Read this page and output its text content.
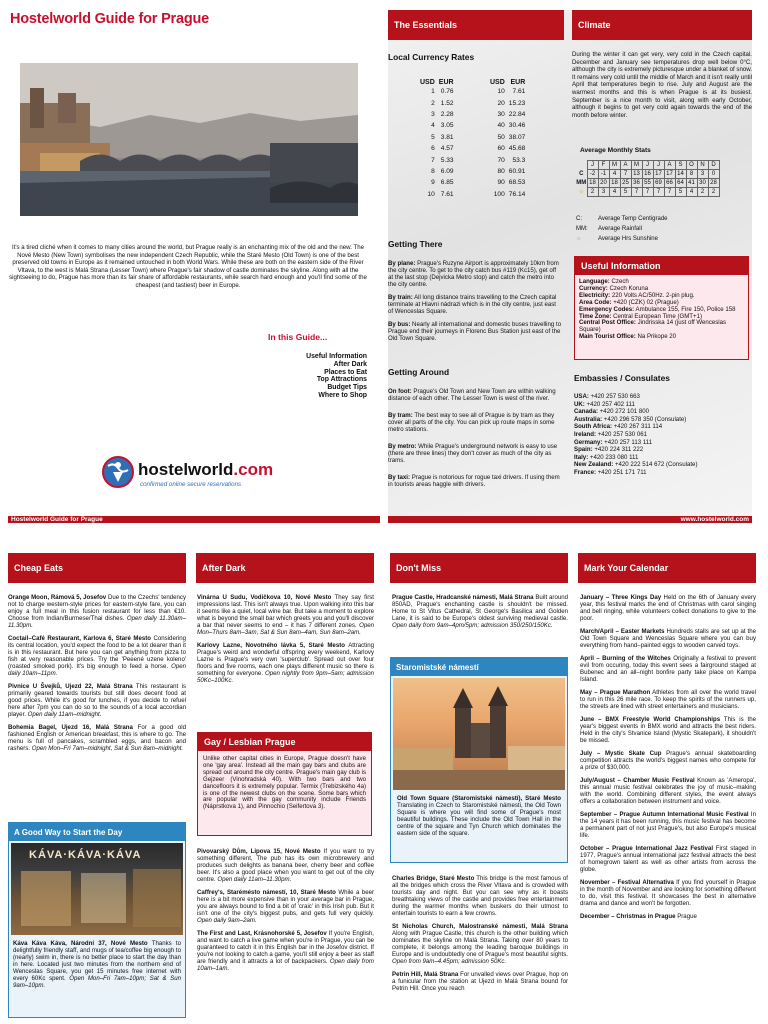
Hostelworld Guide for Prague
It's a tired cliché when it comes to many cities around the world, but Prague really is an enchanting mix of the old and the new. The Nové Mesto (New Town) symbolises the new independent Czech Republic, while the Staré Mesto (Old Town) is one of the best preserved old towns in Europe as it remained untouched in both World Wars. While these are both on the eastern side of the River Vltava, to the west is Malá Strana (Lesser Town) where Prague's fair shadow of castle dominates the skyline. Along with all the sightseeing to do, Prague has more than its fair share of affordable restaurants, while search hard enough and you'll find some of the cheapest (and tastiest) beer in Europe.
In this Guide...
Useful Information
After Dark
Places to Eat
Top Attractions
Budget Tips
Where to Shop
hostelworld.com
confirmed online secure reservations
Hostelworld Guide for Prague
The Essentials	Climate
Local Currency Rates
USD	EUR
1	0.76
2	1.52
3	2.28
4	3.05
5	3.81
6	4.57
7	5.33
8	6.09
9	6.85
10	7.61
USD	EUR
10	7.61
20	15.23
30	22.84
40	30.46
50	38.07
60	45.68
70	53.3
80	60.91
90	68.53
100	76.14
Getting There
By plane: Prague's Ruzyne Airport is approximately 10km from the city centre. To get to the city catch bus #119 (Kc15), get off at the last stop (Dejvicka Metro stop) and catch the metro into the city centre.
By train: All long distance trains travelling to the Czech capital terminate at Hlavni nádrazi which is in the city centre, just east of Wenceslas Square.
By bus: Nearly all international and domestic buses travelling to Prague end their journeys in Florenc Bus Station just east of the Old Town Square.
Getting Around
On foot: Prague's Old Town and New Town are within walking distance of each other. The Lesser Town is west of the river.
By tram: The best way to see all of Prague is by tram as they cover all parts of the city. You can pick up route maps in some metro stations.
By metro: While Prague's underground network is easy to use (there are three lines) they don't cover as much of the city as trams.
By taxi: Prague is notorious for rogue taxi drivers. If using them in tourists areas haggle with drivers.
During the winter it can get very, very cold in the Czech capital. December and January see temperatures drop well below 0°C, although the city is extremely picturesque under a blanket of snow. It remains very cold until the middle of March and it isn't really until April that temperatures begin to rise. July and August are the warmest months and this is when Prague is at its busiest. September is a nice month to visit, along with early October, although it begins to get very cold again towards the end of the month before winter.
Average Monthly Stats
	J	F	M	A	M	J	J	A	S	O	N	D
C	-2	-1	4	7	13	16	17	17	14	8	3	0
MM	18	20	18	25	36	55	69	66	64	41	30	28
☼	2	3	4	5	7	7	7	7	5	4	2	2
C:	Average Temp Centigrade
MM: Average Rainfall
☼	Average Hrs Sunshine
Useful Information
Language: Czech
Currency: Czech Koruna
Electricity: 220 Volts AC/50Hz. 2-pin plug.
Area Code: +420 (CZK) 02 (Prague)
Emergency Codes: Ambulance 155, Fire 150, Police 158
Time Zone: Central European Time (GMT+1)
Central Post Office: Jindrisska 14 (just off Wenceslas Square)
Main Tourist Office: Na Prikope 20
Embassies / Consulates
USA: +420 257 530 663
UK: +420 257 402 111
Canada: +420 272 101 800
Australia: +420 296 578 350 (Consulate)
South Africa: +420 267 311 114
Ireland: +420 257 530 061
Germany: +420 257 113 111
Spain: +420 224 311 222
Italy: +420 233 080 111
New Zealand: +420 222 514 672 (Consulate)
France: +420 251 171 711
www.hostelworld.com
Cheap Eats
Orange Moon, Rámová 5, Josefov Due to the Czechs' tendency not to charge western-style prices for eastern-style fare, you can enjoy a full meal in this fusion restaurant for less than €10. Choose from Indian/Burmese/Thai dishes. Open daily 11.30am–11.30pm.
Coctail–Café Restaurant, Karlova 6, Staré Mesto Considering its central location, you'd expect the food to be a lot dearer than it is in this restaurant. But here you can get anything from pizza to fish at very reasonable prices. Try the 'Peeené uzene koleno' (roasted smoked pork). It's big enough to feed a horse. Open daily 10am–11pm.
Pivnice U Švejků, Ujezd 22, Malá Strana This restaurant is primarily geared towards tourists but still does decent food at good prices. While it's good for lunches, if you decide to refuel here after 7pm you can do so to the sounds of a local accordian player. Open daily 11am–midnight.
Bohemia Bagel, Ujezd 16, Malá Strana For a good old fashioned English or American breakfast, this is where to go. The menu is full of pancakes, scrambled eggs, and bacon and rashers. Open Mon–Fri 7am–midnight, Sat & Sun 8am–midnight.
A Good Way to Start the Day
KÁVA·KÁVA·KÁVA
Káva Káva Káva, Národní 37, Nové Mesto Thanks to delightfully friendly staff, and mugs of tea/coffee big enough to (nearly) swim in, there is no better place to start the day than in here. Located just two minutes from the northern end of Wenceslas Square, you get 15 minutes free internet with every 60Kc spent. Open Mon–Fri 7am–10pm; Sat & Sun 9am–10pm.
After Dark
Vinárna U Sudu, Vodičkova 10, Nové Mesto They say first impressions last. This isn't always true. Upon walking into this bar it seems like a quiet, local wine bar. But take a moment to explore what is beyond the small bar which greets you and you'll discover a bar that never seems to end – it has 7 different zones. Open Mon–Thurs 8am–3am, Sat & Sun 8am–4am, Sun 8am–2am.
Karlovy Lazne, Novotného lávka 5, Staré Mesto Attracting Prague's weird and wonderful offspring every weekend, Karlovy Lazne is Prague's very own 'superclub'. Spread out over four floors and five rooms, each one plays different music so there is something for everyone. Open nightly from 9pm–5am; admission 50Kc–100Kc.
Gay / Lesbian Prague
Unlike other capital cities in Europe, Prague doesn't have one 'gay area'. Instead all the main gay bars and clubs are spread out around the city centre. Prague's main gay club is Gejzeer (Vinohradská 40). With two bars and two dancefloors it is extremely popular. Termix (Trebizského 4a) is one of the newest clubs on the scene. Some bars which are popular with the gay community include Friends (Náprstkova 1), and Pinnochio (Seifertova 3).
Pivovarský Dům, Lipova 15, Nové Mesto If you want to try something different, The pub has its own microbrewery and produces such delights as banana beer, cherry beer and coffee beer. It's also a good place when you want to get out of the city centre. Open daily 11am–11.30pm.
Caffrey's, Staréméstо námestí, 10, Staré Mesto While a beer here is a bit more expensive than in your average bar in Prague, you are always bound to find a bit of 'craic' in this Irish pub. But it isn't one of the city's biggest pubs, and gets full very quickly. Open daily 9am–2am.
The First and Last, Krásnohorské 5, Josefov If you're English, and want to catch a live game when you're in Prague, you can be guaranteed to catch it in this English bar in the Josefov district. If you're not looking to catch a game, you'll still enjoy a beer as staff are friendly and it attracts a lot of backpackers. Open daily from 10am–1am.
Don't Miss
Prague Castle, Hradcanské námesti, Malá Strana Built around 850AD, Prague's enchanting castle is shouldn't be missed. Home to St Vitus Cathedral, St George's Basilica and Golden Lane, it is said to be Europe's oldest surviving medieval castle. Open daily from 9am–4pm/5pm; admission 350/250/150Kc.
Staromistské námestí
Old Town Square (Staromistské námestí), Staré Mesto Translating in Czech to Staromistské námesti, the Old Town Square is where you will find some of Prague's most beautiful buildings. These include the Old Town Hall in the centre of the square and Tyn Church which dominates the eastern side of the square.
Charles Bridge, Staré Mesto This bridge is the most famous of all the bridges which cross the River Vltava and is crowded with tourists day and night. But you can see why as it boasts breathtaking views of the castle and provides free entertainment during the warmer months when buskers do their utmost to entertain tourists to earn a few crowns.
St Nicholas Church, Malostranské námesti, Malá Strana Along with Prague Castle, this church is the other building which dominates the skyline on Malá Strana. Taking over 80 years to complete, it belongs among the leading baroque buildings in Europe and is undoubtedly one of Prague's most beautiful sights. Open from 9am–4.45pm; admission 50Kc.
Petrin Hill, Malá Strana For unvalled views over Prague, hop on a funicular from the station at Ujezd in Malá Strana bound for Petrin Hill. Once you reach
Mark Your Calendar
January – Three Kings Day Held on the 6th of January every year, this festival marks the end of Christmas with carol singing and bell ringing, while volunteers collect donations to give to the poor.
March/April – Easter Markets Hundreds stalls are set up at the Old Town Square and Wenceslas Square where you can buy everything from hand–painted eggs to wooden carved toys.
April – Burning of the Witches Originally a festival to prevent evil from occuring, today this event sees a fairground staged at Bubenec and an all–night bonfire party take place on Kampa Island.
May – Prague Marathon Athletes from all over the world travel to run in this 26 mile race. To keep the spirits of the runners up, the streets are lined with street entertainers and musicians.
June – BMX Freestyle World Championships This is the year's biggest events in BMX world and attracts the best riders. Held in the city's Stvanice Island (Mystic Skatepark), it shouldn't be missed.
July – Mystic Skate Cup Prague's annual skateboarding competition attracts the world's biggest names who compete for a prize of $30,000.
July/August – Chamber Music Festival Known as 'Ameropa', this annual music festival celebrates the joy of music–making with the world. Combining different styles, the event always offers a collaboration between instrument and voice.
September – Prague Autumn International Music Festival In the 14 years it has been running, this music festival has become a permanent part of not just Prague's, but also Europe's musical life.
October – Prague International Jazz Festival First staged in 1977, Prague's annual international jazz festival attracts the best of homegrown talent as well as other artists from across the globe.
November – Festival Alternativa If you find yourself in Prague in the month of November and are looking for something different to do, visit this festival. It showcases the best in alternative drama and dance and won't be forgotten.
December – Christmas in Prague Prague
